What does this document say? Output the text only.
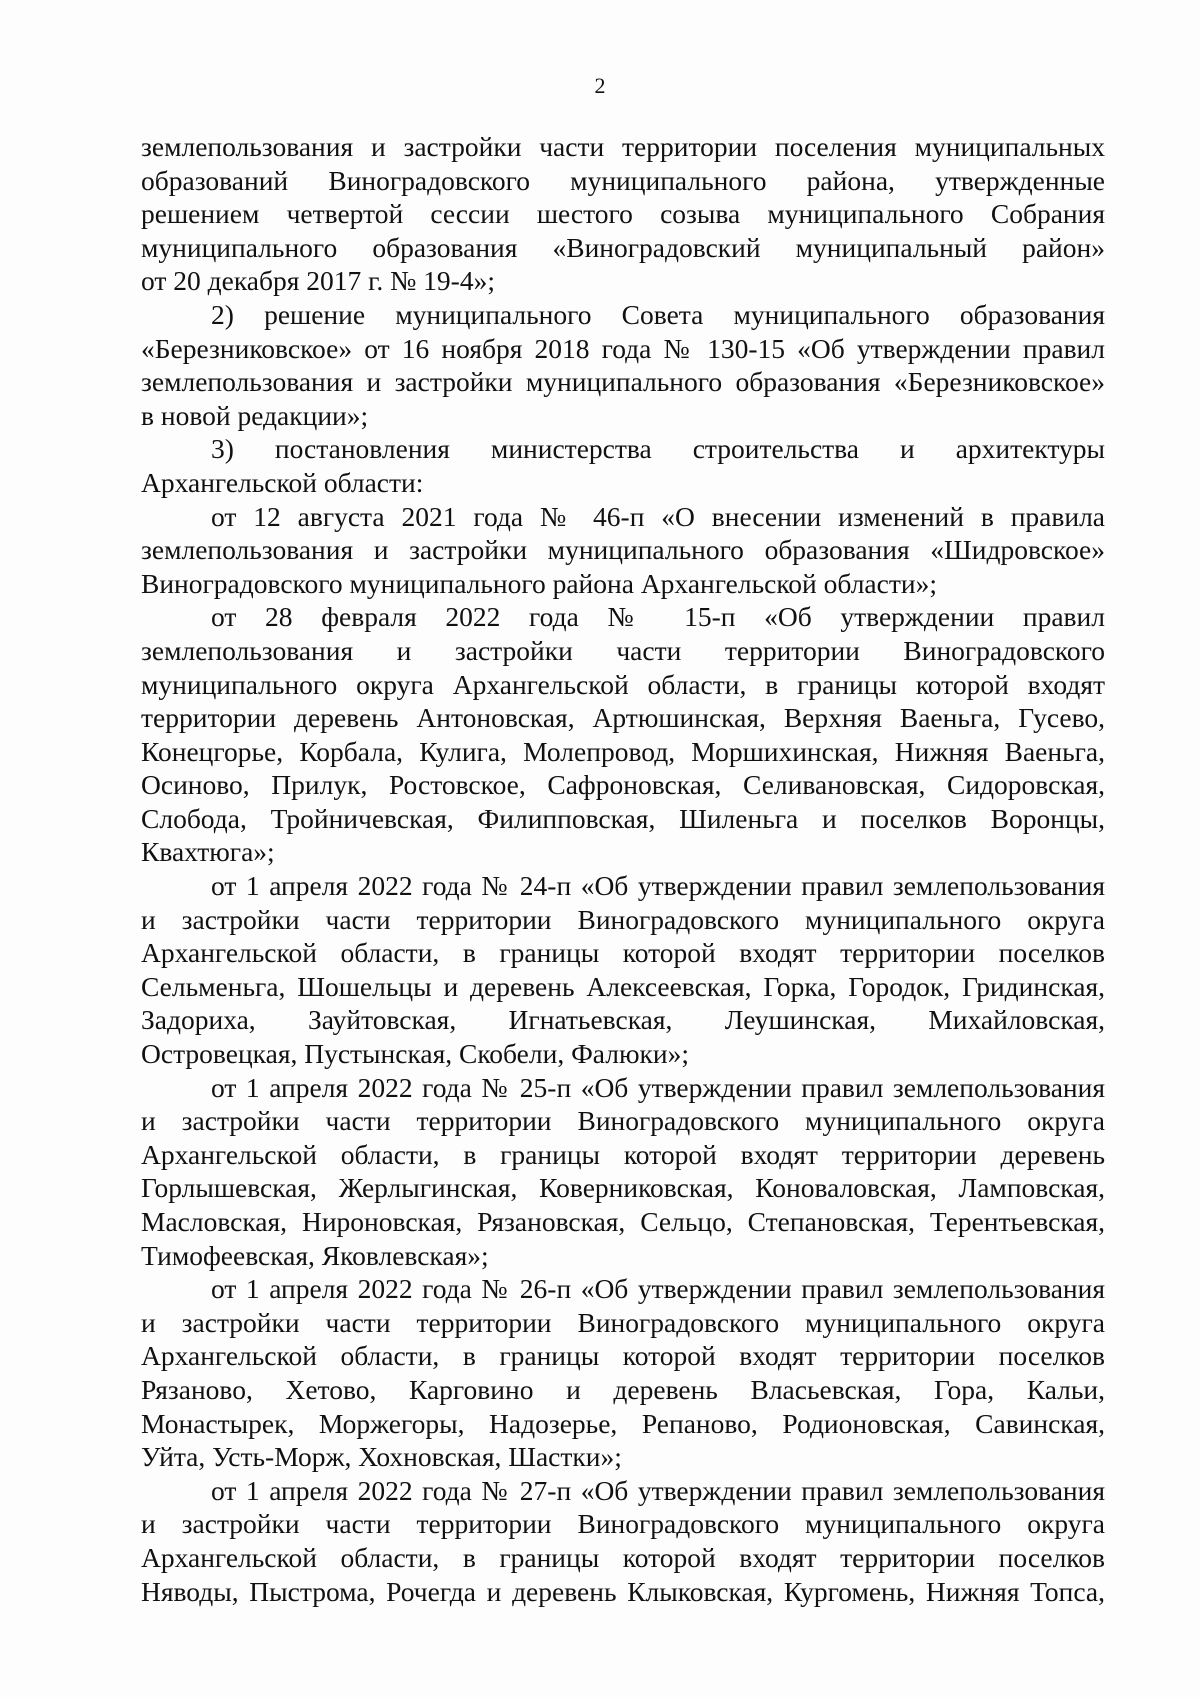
2
землепользования и застройки части территории поселения муниципальных
образований Виноградовского муниципального района, утвержденные
решением четвертой сессии шестого созыва муниципального Собрания
муниципального образования «Виноградовский муниципальный район»
от 20 декабря 2017 г. № 19-4»;
2) решение муниципального Совета муниципального образования
«Березниковское» от 16 ноября 2018 года № 130-15 «Об утверждении правил
землепользования и застройки муниципального образования «Березниковское»
в новой редакции»;
3) постановления министерства строительства и архитектуры
Архангельской области:
от 12 августа 2021 года № 46-п «О внесении изменений в правила
землепользования и застройки муниципального образования «Шидровское»
Виноградовского муниципального района Архангельской области»;
от 28 февраля 2022 года № 15-п «Об утверждении правил
землепользования и застройки части территории Виноградовского
муниципального округа Архангельской области, в границы которой входят
территории деревень Антоновская, Артюшинская, Верхняя Ваеньга, Гусево,
Конецгорье, Корбала, Кулига, Молепровод, Моршихинская, Нижняя Ваеньга,
Осиново, Прилук, Ростовское, Сафроновская, Селивановская, Сидоровская,
Слобода, Тройничевская, Филипповская, Шиленьга и поселков Воронцы,
Квахтюга»;
от 1 апреля 2022 года № 24-п «Об утверждении правил землепользования
и застройки части территории Виноградовского муниципального округа
Архангельской области, в границы которой входят территории поселков
Сельменьга, Шошельцы и деревень Алексеевская, Горка, Городок, Гридинская,
Задориха, Зауйтовская, Игнатьевская, Леушинская, Михайловская,
Островецкая, Пустынская, Скобели, Фалюки»;
от 1 апреля 2022 года № 25-п «Об утверждении правил землепользования
и застройки части территории Виноградовского муниципального округа
Архангельской области, в границы которой входят территории деревень
Горлышевская, Жерлыгинская, Коверниковская, Коноваловская, Ламповская,
Масловская, Нироновская, Рязановская, Сельцо, Степановская, Терентьевская,
Тимофеевская, Яковлевская»;
от 1 апреля 2022 года № 26-п «Об утверждении правил землепользования
и застройки части территории Виноградовского муниципального округа
Архангельской области, в границы которой входят территории поселков
Рязаново, Хетово, Карговино и деревень Власьевская, Гора, Кальи,
Монастырек, Моржегоры, Надозерье, Репаново, Родионовская, Савинская,
Уйта, Усть-Морж, Хохновская, Шастки»;
от 1 апреля 2022 года № 27-п «Об утверждении правил землепользования
и застройки части территории Виноградовского муниципального округа
Архангельской области, в границы которой входят территории поселков
Няводы, Пыстрома, Рочегда и деревень Клыковская, Кургомень, Нижняя Топса,
